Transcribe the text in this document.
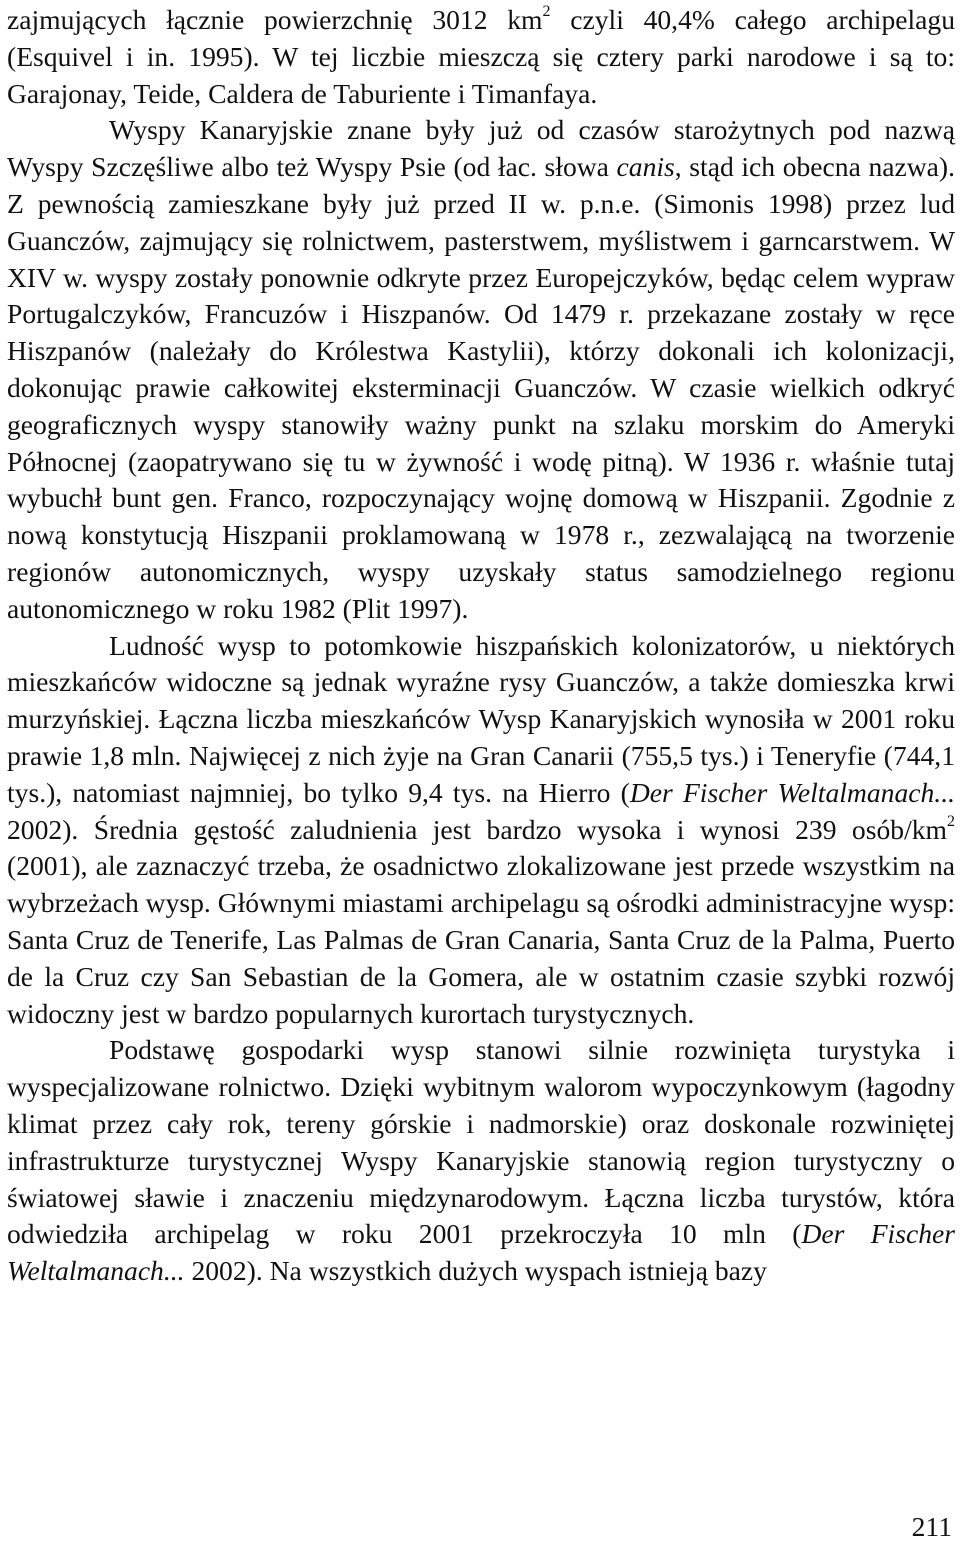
zajmujących łącznie powierzchnię 3012 $km^2$ czyli 40,4% całego archipelagu (Esquivel i in. 1995). W tej liczbie mieszczą się cztery parki narodowe i są to: Garajonay, Teide, Caldera de Taburiente i Timanfaya.

Wyspy Kanaryjskie znane były już od czasów starożytnych pod nazwą Wyspy Szczęśliwe albo też Wyspy Psie (od łac. słowa canis, stąd ich obecna nazwa). Z pewnością zamieszkane były już przed II w. p.n.e. (Simonis 1998) przez lud Guanczów, zajmujący się rolnictwem, pasterstwem, myślistwem i garncarstwem. W XIV w. wyspy zostały ponownie odkryte przez Europejczyków, będąc celem wypraw Portugalczyków, Francuzów i Hiszpanów. Od 1479 r. przekazane zostały w ręce Hiszpanów (należały do Królestwa Kastylii), którzy dokonali ich kolonizacji, dokonując prawie całkowitej eksterminacji Guanczów. W czasie wielkich odkryć geograficznych wyspy stanowiły ważny punkt na szlaku morskim do Ameryki Północnej (zaopatrywano się tu w żywność i wodę pitną). W 1936 r. właśnie tutaj wybuchł bunt gen. Franco, rozpoczynający wojnę domową w Hiszpanii. Zgodnie z nową konstytucją Hiszpanii proklamowaną w 1978 r., zezwalającą na tworzenie regionów autonomicznych, wyspy uzyskały status samodzielnego regionu autonomicznego w roku 1982 (Plit 1997).

Ludność wysp to potomkowie hiszpańskich kolonizatorów, u niektórych mieszkańców widoczne są jednak wyraźne rysy Guanczów, a także domieszka krwi murzyńskiej. Łączna liczba mieszkańców Wysp Kanaryjskich wynosiła w 2001 roku prawie 1,8 mln. Najwięcej z nich żyje na Gran Canarii (755,5 tys.) i Teneryfie (744,1 tys.), natomiast najmniej, bo tylko 9,4 tys. na Hierro (Der Fischer Weltalmanach... 2002). Średnia gęstość zaludnienia jest bardzo wysoka i wynosi 239 osób/$km^2$ (2001), ale zaznaczyć trzeba, że osadnictwo zlokalizowane jest przede wszystkim na wybrzeżach wysp. Głównymi miastami archipelagu są ośrodki administracyjne wysp: Santa Cruz de Tenerife, Las Palmas de Gran Canaria, Santa Cruz de la Palma, Puerto de la Cruz czy San Sebastian de la Gomera, ale w ostatnim czasie szybki rozwój widoczny jest w bardzo popularnych kurortach turystycznych.

Podstawę gospodarki wysp stanowi silnie rozwinięta turystyka i wyspecjalizowane rolnictwo. Dzięki wybitnym walorom wypoczynkowym (łagodny klimat przez cały rok, tereny górskie i nadmorskie) oraz doskonale rozwiniętej infrastrukturze turystycznej Wyspy Kanaryjskie stanowią region turystyczny o światowej sławie i znaczeniu międzynarodowym. Łączna liczba turystów, która odwiedziła archipelag w roku 2001 przekroczyła 10 mln (Der Fischer Weltalmanach... 2002). Na wszystkich dużych wyspach istnieją bazy

211
